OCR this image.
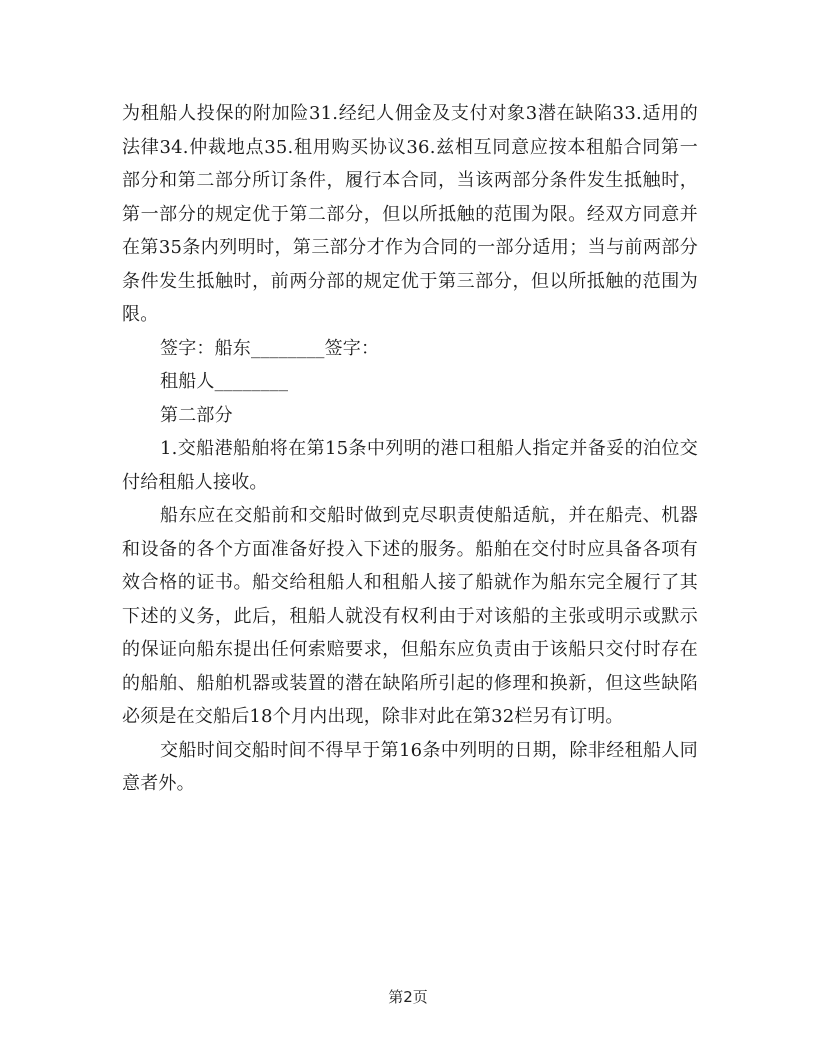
为租船人投保的附加险31.经纪人佣金及支付对象3潜在缺陷33.适用的法律34.仲裁地点35.租用购买协议36.兹相互同意应按本租船合同第一部分和第二部分所订条件，履行本合同，当该两部分条件发生抵触时，第一部分的规定优于第二部分，但以所抵触的范围为限。经双方同意并在第35条内列明时，第三部分才作为合同的一部分适用；当与前两部分条件发生抵触时，前两分部的规定优于第三部分，但以所抵触的范围为限。

签字：船东________签字：

租船人________

第二部分

1.交船港船舶将在第15条中列明的港口租船人指定并备妥的泊位交付给租船人接收。

船东应在交船前和交船时做到克尽职责使船适航，并在船壳、机器和设备的各个方面准备好投入下述的服务。船舶在交付时应具备各项有效合格的证书。船交给租船人和租船人接了船就作为船东完全履行了其下述的义务，此后，租船人就没有权利由于对该船的主张或明示或默示的保证向船东提出任何索赔要求，但船东应负责由于该船只交付时存在的船舶、船舶机器或装置的潜在缺陷所引起的修理和换新，但这些缺陷必须是在交船后18个月内出现，除非对此在第32栏另有订明。

交船时间交船时间不得早于第16条中列明的日期，除非经租船人同意者外。

第2页
